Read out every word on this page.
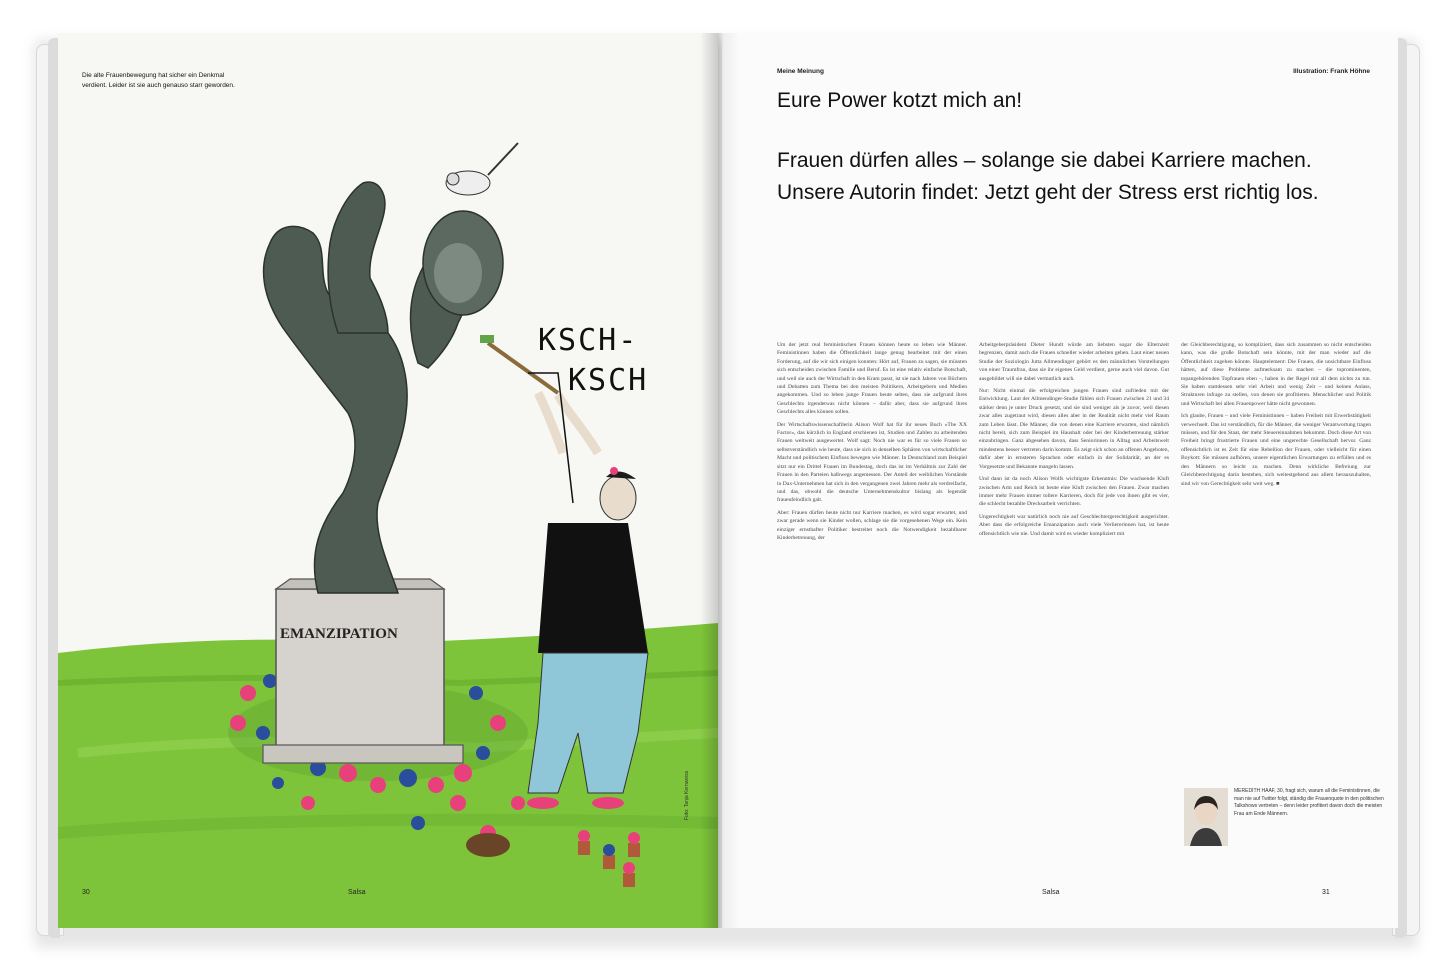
Die alte Frauenbewegung hat sicher ein Denkmal verdient. Leider ist sie auch genauso starr geworden.
EMANZIPATION
KSCH-
KSCH
30	Salsa
Foto: Tanja Kernweiss
Meine Meinung	Illustration: Frank Höhne
Eure Power kotzt mich an!
Frauen dürfen alles – solange sie dabei Karriere machen. Unsere Autorin findet: Jetzt geht der Stress erst richtig los.

Um der jetzt real feministischen Frauen können heute so leben wie Männer. Feministinnen haben die Öffentlichkeit lange genug bearbeitet mit der einen Forderung, auf die wir sich einigen konnten: Hört auf, Frauen zu sagen, sie müssten sich entscheiden zwischen Familie und Beruf. Es ist eine relativ einfache Botschaft, und weil sie auch der Wirtschaft in den Kram passt, ist sie nach Jahren von Büchern und Debatten zum Thema bei den meisten Politikern, Arbeitgebern und Medien angekommen. Und so leben junge Frauen heute selten, dass sie aufgrund ihres Geschlechts irgendetwas nicht können – dafür aber, dass sie aufgrund ihres Geschlechts alles können sollen.

Der Wirtschaftswissenschaftlerin Alison Wolf hat für ihr neues Buch »The XX Factor«, das kürzlich in England erschienen ist, Studien und Zahlen zu arbeitenden Frauen weltweit ausgewertet. Wolf sagt: Noch nie war es für so viele Frauen so selbstverständlich wie heute, dass sie sich in denselben Sphären von wirtschaftlicher Macht und politischem Einfluss bewegen wie Männer. In Deutschland zum Beispiel sitzt nur ein Drittel Frauen im Bundestag, doch das ist im Verhältnis zur Zahl der Frauen in den Parteien halbwegs angemessen. Der Anteil der weiblichen Vorstände in Dax-Unternehmen hat sich in den vergangenen zwei Jahren mehr als verdreifacht, und das, obwohl die deutsche Unternehmenskultur bislang als legendär frauenfeindlich galt.

Aber: Frauen dürfen heute nicht nur Karriere machen, es wird sogar erwartet, und zwar gerade wenn sie Kinder wollen, schlage sie die vorgesehenen Wege ein. Kein einziger ernsthafter Politiker bestreitet noch die Notwendigkeit bezahlbarer Kinderbetreuung, der

Arbeitgeberpräsident Dieter Hundt würde am liebsten sogar die Elternzeit begrenzen, damit auch die Frauen schneller wieder arbeiten gehen. Laut einer neuen Studie der Soziologin Jutta Allmendinger gehört es den männlichen Vorstellungen von einer Traumfrau, dass sie ihr eigenes Geld verdient, gerne auch viel davon. Gut ausgebildet will sie dabei vermutlich auch.

Nur: Nicht einmal die erfolgreichen jungen Frauen sind zufrieden mit der Entwicklung. Laut der Allmendinger-Studie fühlen sich Frauen zwischen 21 und 34 stärker denn je unter Druck gesetzt, und sie sind weniger als je zuvor, weil diesen zwar alles zugetraut wird, diesen alles aber in der Realität nicht mehr viel Raum zum Leben lässt. Die Männer, die von denen eine Karriere erwarten, sind nämlich nicht bereit, sich zum Beispiel im Haushalt oder bei der Kinderbetreuung stärker einzubringen. Ganz abgesehen davon, dass Seniorinnen in Alltag und Arbeitswelt mindestens besser vertreten darin kommt. Es zeigt sich schon an offenen Angeboten, dafür aber in ernsteren Sprachen oder einfach in der Solidarität, an der es Vorgesetzte und Bekannte mangeln lassen.

Und dann ist da noch Alison Wolfs wichtigste Erkenntnis: Die wachsende Kluft zwischen Arm und Reich ist heute eine Kluft zwischen den Frauen. Zwar machen immer mehr Frauen immer tollere Karrieren, doch für jede von ihnen gibt es vier, die schlecht bezahlte Drecksarbeit verrichten.

Ungerechtigkeit war natürlich noch nie auf Geschlechtergerechtigkeit ausgerichtet. Aber dass die erfolgreiche Emanzipation auch viele Verliererinnen hat, ist heute offensichtlich wie nie. Und damit wird es wieder kompliziert mit

der Gleichberechtigung, so kompliziert, dass sich zusammen so nicht entscheiden kann, was die große Botschaft sein könnte, mit der man wieder auf die Öffentlichkeit zugehen könnte. Hauptelement: Die Frauen, die unsichtbare Einfluss hätten, auf diese Probleme aufmerksam zu machen – die toprominenten, topangehörenden Topfrauen eben –, haben in der Regel mit all dem nichts zu tun. Sie haben stattdessen sehr viel Arbeit und wenig Zeit – und keinen Anlass, Strukturen infrage zu stellen, von denen sie profitieren. Menschlicher und Politik und Wirtschaft bei allen Frauenpower hätte nicht gewonnen.

Ich glaube, Frauen – und viele Feministinnen – haben Freiheit mit Erwerbstätigkeit verwechselt. Das ist verständlich, für die Männer, die weniger Verantwortung tragen müssen, und für den Staat, der mehr Steuereinnahmen bekommt. Doch diese Art von Freiheit bringt frustrierte Frauen und eine ungerechte Gesellschaft hervor. Ganz offensichtlich ist es Zeit für eine Rebellion der Frauen, oder vielleicht für einen Boykott: Sie müssen aufhören, unsere eigentlichen Erwartungen zu erfüllen und es den Männern so leicht zu machen. Denn wirkliche Befreiung zur Gleichberechtigung darin bestehen, sich weitestgehend aus allem herauszuhalten, sind wir von Gerechtigkeit sehr weit weg. ■

MEREDITH HAAF, 30, fragt sich, warum all die Feministinnen, die man nie auf Twitter folgt, ständig die Frauenquote in den politischen Talkshows vertreten – denn leider profitiert davon doch die meisten Frau am Ende Männern.
Salsa	31
